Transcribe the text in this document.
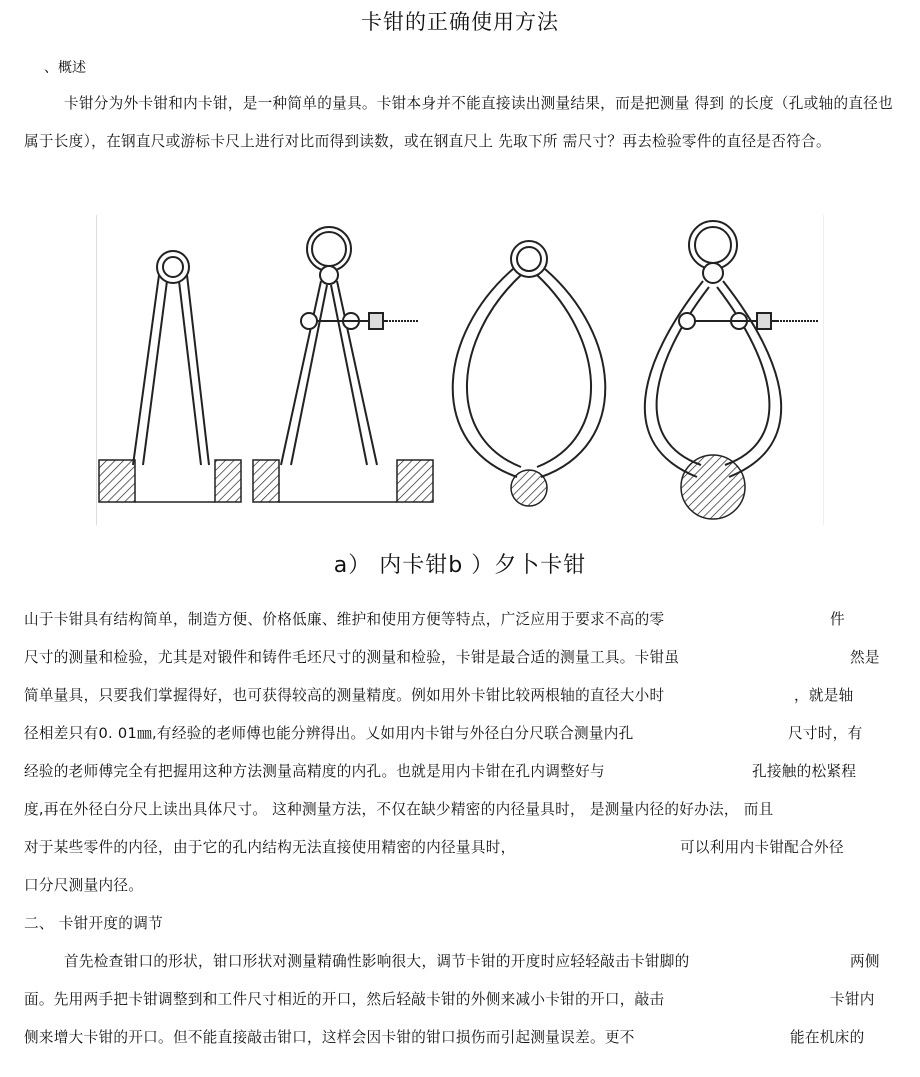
卡钳的正确使用方法
、概述
卡钳分为外卡钳和内卡钳，是一种简单的量具。卡钳本身并不能直接读出测量结果，而是把测量 得到 的长度（孔或轴的直径也属于长度），在钢直尺或游标卡尺上进行对比而得到读数，或在钢直尺上 先取下所 需尺寸？再去检验零件的直径是否符合。
a） 内卡钳b ）夕卜卡钳
山于卡钳具有结构简单，制造方便、价格低廉、维护和使用方便等特点，广泛应用于要求不高的零	件
尺寸的测量和检验，尤其是对锻件和铸件毛坯尺寸的测量和检验，卡钳是最合适的测量工具。卡钳虽	然是
简单量具，只要我们掌握得好，也可获得较高的测量精度。例如用外卡钳比较两根轴的直径大小时	，就是轴
径相差只有0. 01㎜,有经验的老师傅也能分辨得出。乂如用内卡钳与外径白分尺联合测量内孔	尺寸时，有
经验的老师傅完全有把握用这种方法测量高精度的内孔。也就是用内卡钳在孔内调整好与	孔接触的松紧程
度,再在外径白分尺上读出具体尺寸。 这种测量方法，不仅在缺少精密的内径量具时， 是测量内径的好办法， 而且
对于某些零件的内径，由于它的孔内结构无法直接使用精密的内径量具时，	可以利用内卡钳配合外径
口分尺测量内径。
二、 卡钳开度的调节
首先检查钳口的形状，钳口形状对测量精确性影响很大，调节卡钳的开度时应轻轻敲击卡钳脚的	两侧
面。先用两手把卡钳调整到和工件尺寸相近的开口，然后轻敲卡钳的外侧来减小卡钳的开口，敲击	卡钳内
侧来增大卡钳的开口。但不能直接敲击钳口，这样会因卡钳的钳口损伤而引起测量误差。更不	能在机床的
